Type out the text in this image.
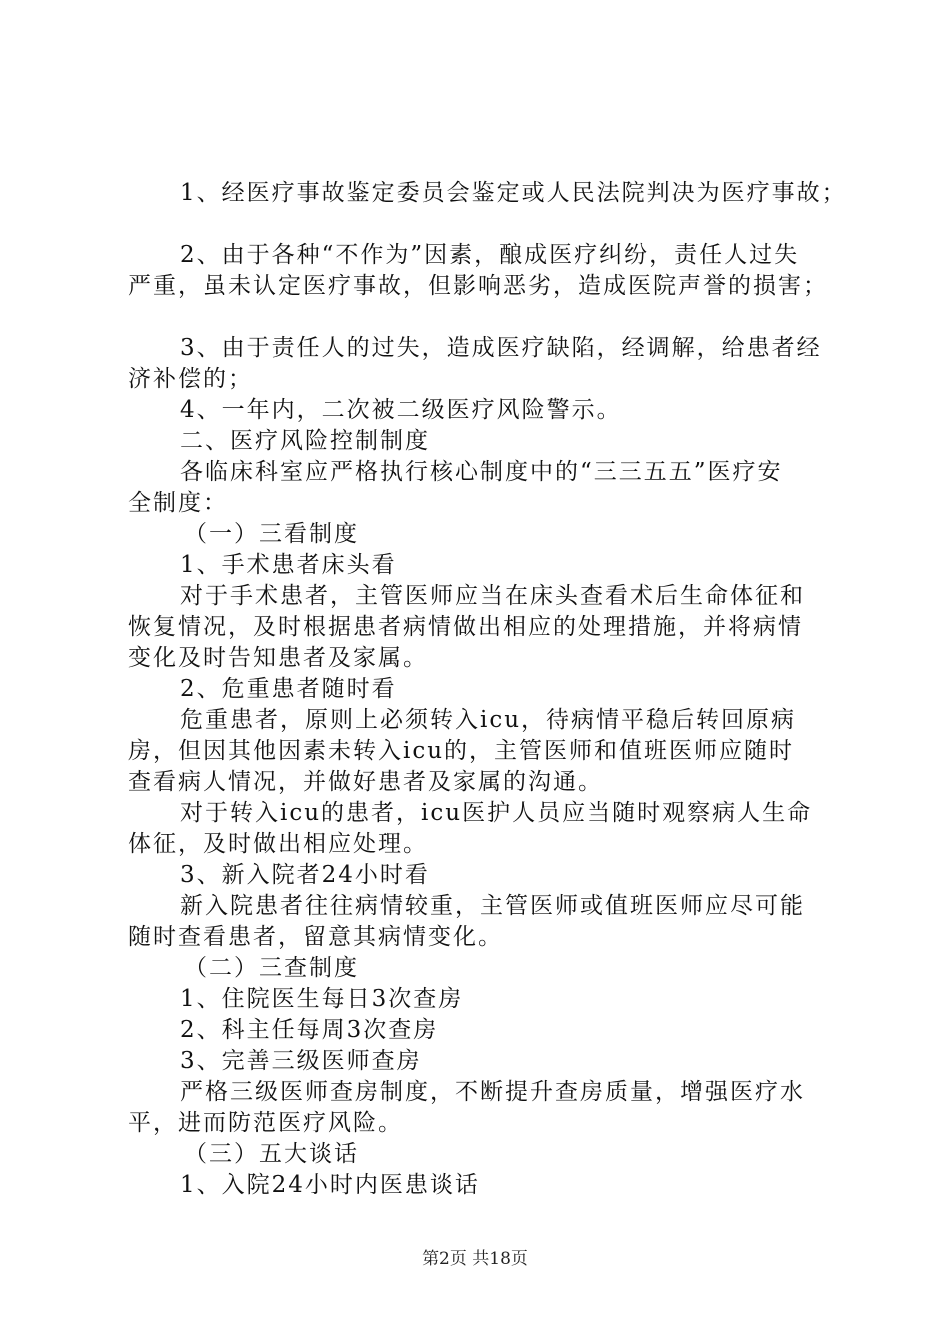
1、经医疗事故鉴定委员会鉴定或人民法院判决为医疗事故；
2、由于各种“不作为”因素，酿成医疗纠纷，责任人过失
严重，虽未认定医疗事故，但影响恶劣，造成医院声誉的损害；
3、由于责任人的过失，造成医疗缺陷，经调解，给患者经
济补偿的；
4、一年内，二次被二级医疗风险警示。
二、医疗风险控制制度
各临床科室应严格执行核心制度中的“三三五五”医疗安
全制度：
（一）三看制度
1、手术患者床头看
对于手术患者，主管医师应当在床头查看术后生命体征和
恢复情况，及时根据患者病情做出相应的处理措施，并将病情
变化及时告知患者及家属。
2、危重患者随时看
危重患者，原则上必须转入icu，待病情平稳后转回原病
房，但因其他因素未转入icu的，主管医师和值班医师应随时
查看病人情况，并做好患者及家属的沟通。
对于转入icu的患者，icu医护人员应当随时观察病人生命
体征，及时做出相应处理。
3、新入院者24小时看
新入院患者往往病情较重，主管医师或值班医师应尽可能
随时查看患者，留意其病情变化。
（二）三查制度
1、住院医生每日3次查房
2、科主任每周3次查房
3、完善三级医师查房
严格三级医师查房制度，不断提升查房质量，增强医疗水
平，进而防范医疗风险。
（三）五大谈话
1、入院24小时内医患谈话
第2页 共18页
